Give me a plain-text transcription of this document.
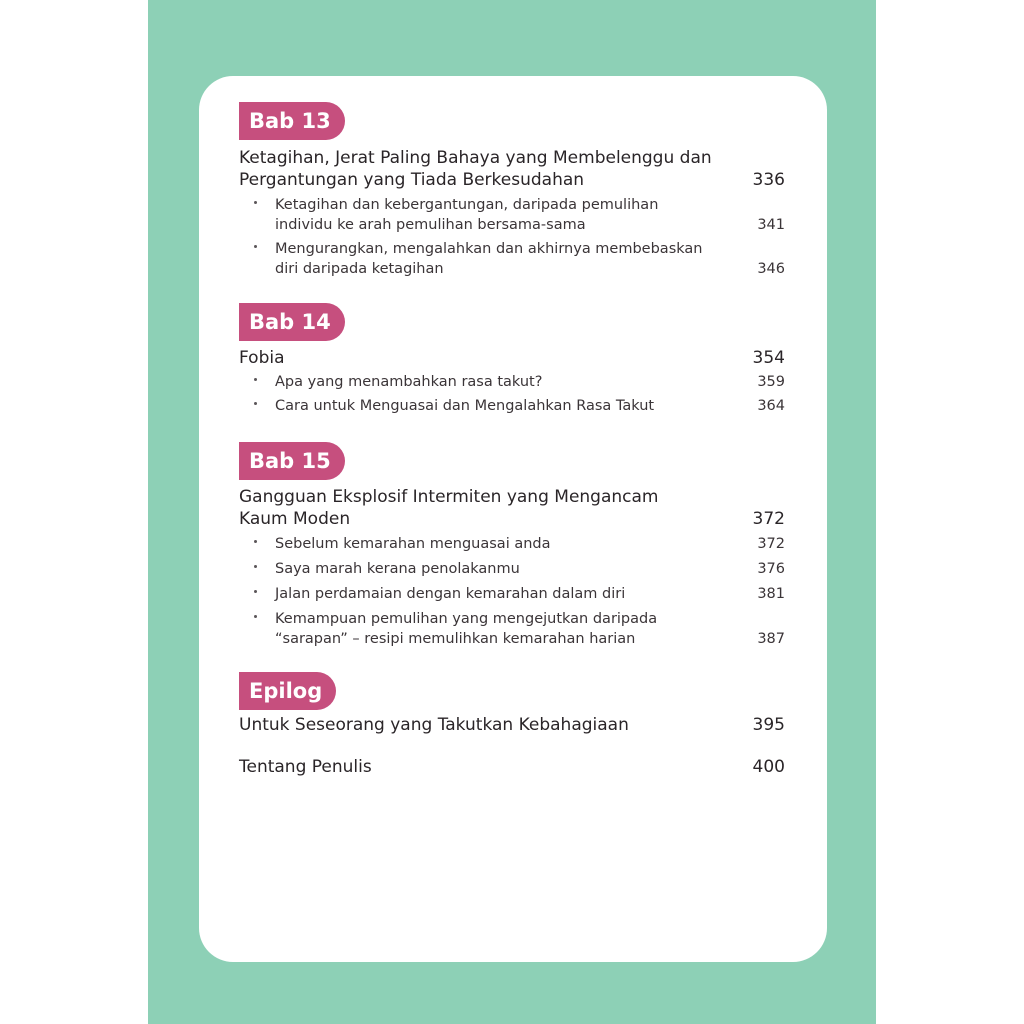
Bab 13
Ketagihan, Jerat Paling Bahaya yang Membelenggu dan Pergantungan yang Tiada Berkesudahan	336
Ketagihan dan kebergantungan, daripada pemulihan individu ke arah pemulihan bersama-sama	341
Mengurangkan, mengalahkan dan akhirnya membebaskan diri daripada ketagihan	346
Bab 14
Fobia	354
Apa yang menambahkan rasa takut?	359
Cara untuk Menguasai dan Mengalahkan Rasa Takut	364
Bab 15
Gangguan Eksplosif Intermiten yang Mengancam Kaum Moden	372
Sebelum kemarahan menguasai anda	372
Saya marah kerana penolakanmu	376
Jalan perdamaian dengan kemarahan dalam diri	381
Kemampuan pemulihan yang mengejutkan daripada “sarapan” – resipi memulihkan kemarahan harian	387
Epilog
Untuk Seseorang yang Takutkan Kebahagiaan	395
Tentang Penulis	400
